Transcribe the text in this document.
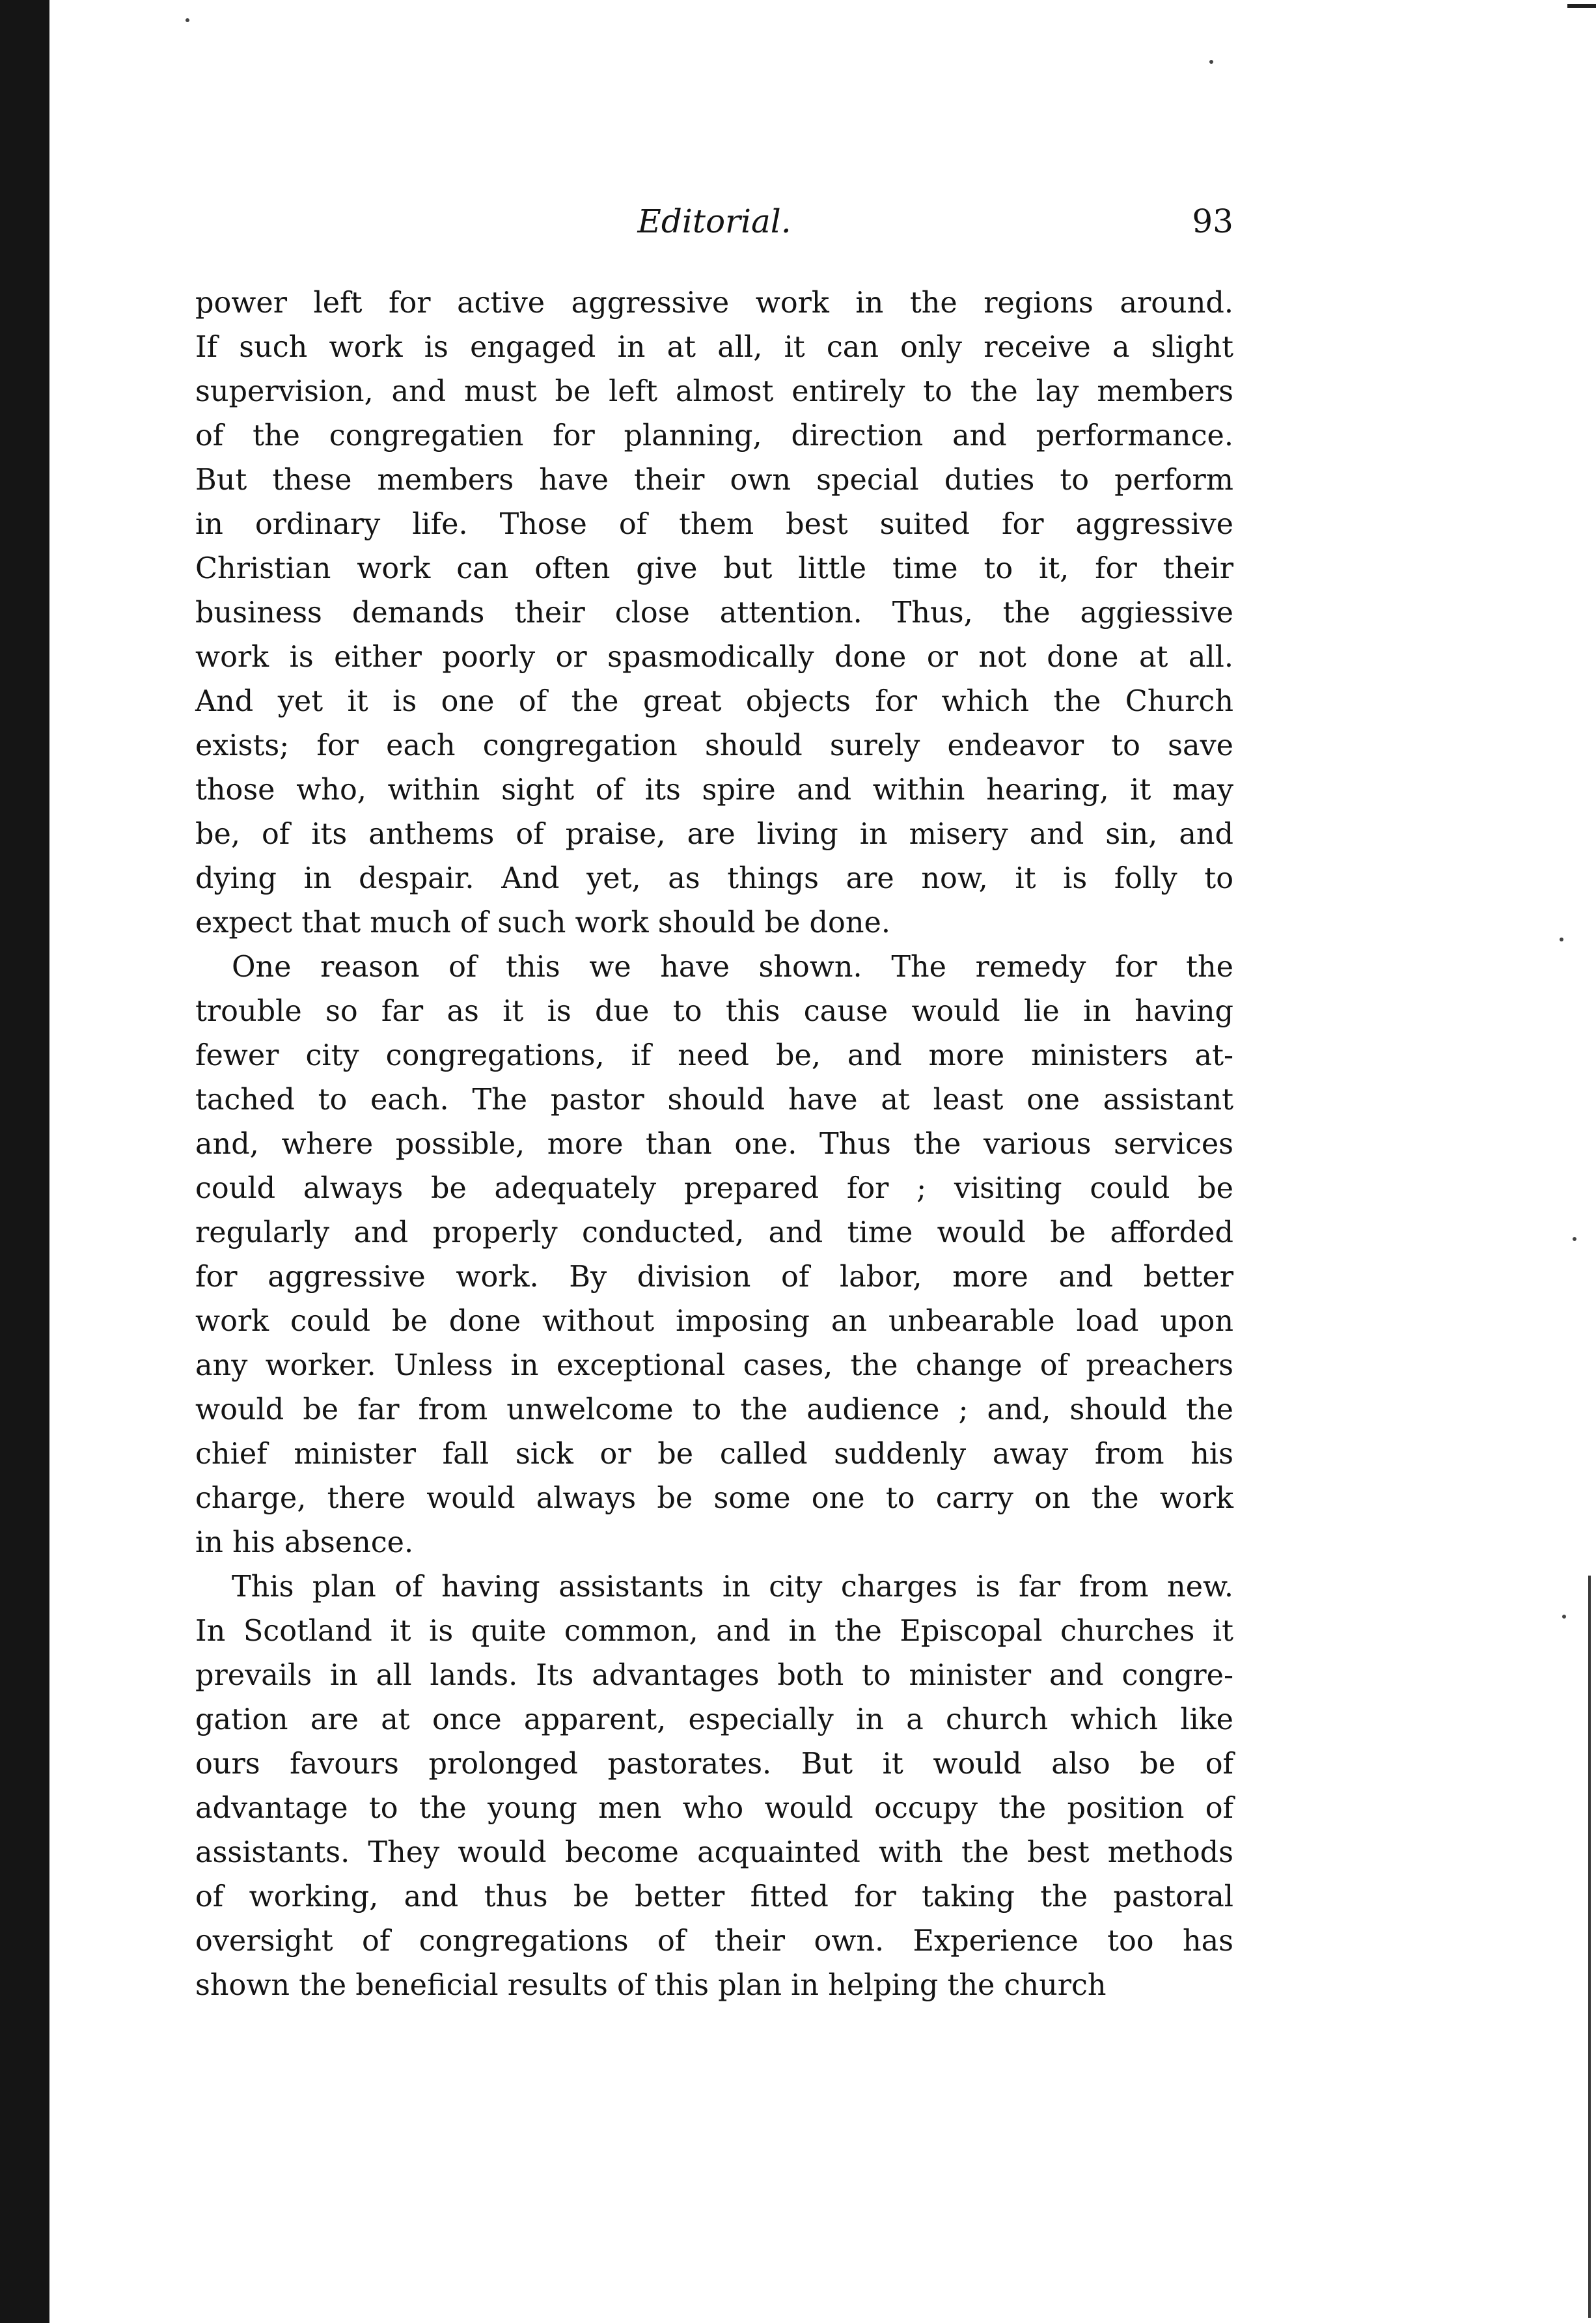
Editorial.	93
power left for active aggressive work in the regions around.
If such work is engaged in at all, it can only receive a slight
supervision, and must be left almost entirely to the lay members
of the congregatien for planning, direction and performance.
But these members have their own special duties to perform
in ordinary life. Those of them best suited for aggressive
Christian work can often give but little time to it, for their
business demands their close attention. Thus, the aggiessive
work is either poorly or spasmodically done or not done at all.
And yet it is one of the great objects for which the Church
exists; for each congregation should surely endeavor to save
those who, within sight of its spire and within hearing, it may
be, of its anthems of praise, are living in misery and sin, and
dying in despair. And yet, as things are now, it is folly to
expect that much of such work should be done.
One reason of this we have shown. The remedy for the
trouble so far as it is due to this cause would lie in having
fewer city congregations, if need be, and more ministers at-
tached to each. The pastor should have at least one assistant
and, where possible, more than one. Thus the various services
could always be adequately prepared for ; visiting could be
regularly and properly conducted, and time would be afforded
for aggressive work. By division of labor, more and better
work could be done without imposing an unbearable load upon
any worker. Unless in exceptional cases, the change of preachers
would be far from unwelcome to the audience ; and, should the
chief minister fall sick or be called suddenly away from his
charge, there would always be some one to carry on the work
in his absence.
This plan of having assistants in city charges is far from new.
In Scotland it is quite common, and in the Episcopal churches it
prevails in all lands. Its advantages both to minister and congre-
gation are at once apparent, especially in a church which like
ours favours prolonged pastorates. But it would also be of
advantage to the young men who would occupy the position of
assistants. They would become acquainted with the best methods
of working, and thus be better fitted for taking the pastoral
oversight of congregations of their own. Experience too has
shown the beneficial results of this plan in helping the church
